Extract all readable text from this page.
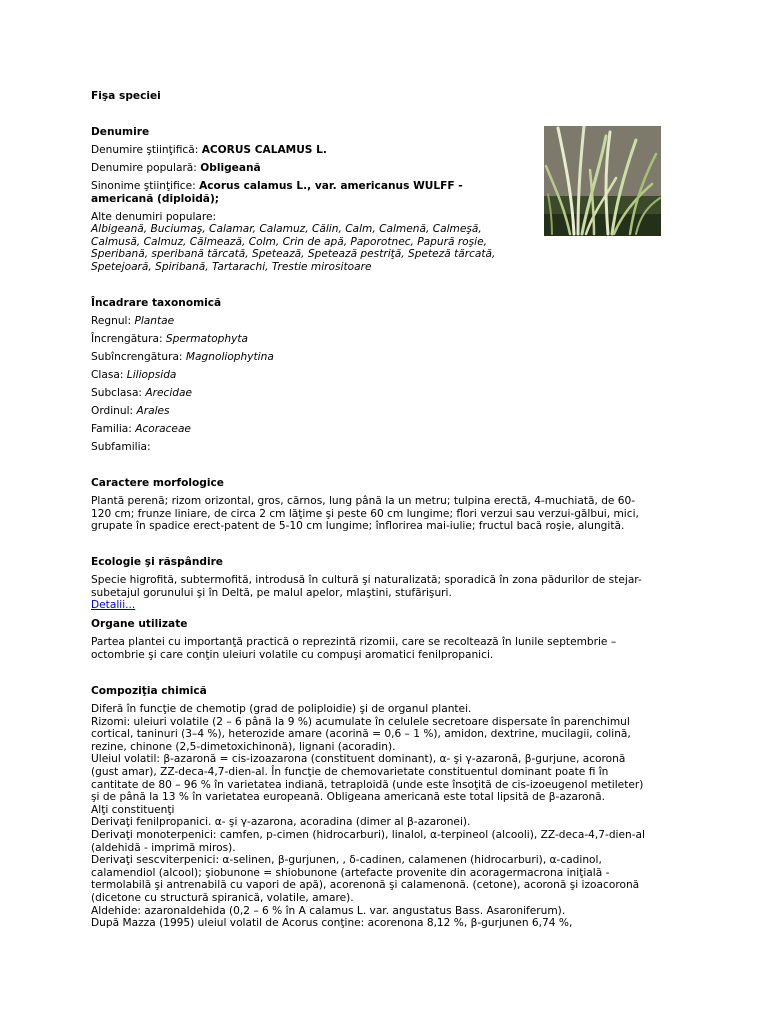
Fişa speciei
Denumire
Denumire ştiinţifică: ACORUS CALAMUS L.
Denumire populară: Obligeană
Sinonime ştiinţifice: Acorus calamus L., var. americanus WULFF -
americană (diploidă);
Alte denumiri populare:
Albigeană, Buciumaş, Calamar, Calamuz, Călin, Calm, Calmenă, Calmeşă,
Calmusă, Calmuz, Călmează, Colm, Crin de apă, Paporotnec, Papură roşie,
Speribană, speribană tărcată, Spetează, Spetează pestriţă, Speteză tărcată,
Spetejoară, Spiribană, Tartarachi, Trestie mirositoare
Încadrare taxonomică
Regnul: Plantae
Încrengătura: Spermatophyta
Subîncrengătura: Magnoliophytina
Clasa: Liliopsida
Subclasa: Arecidae
Ordinul: Arales
Familia: Acoraceae
Subfamilia:
Caractere morfologice
Plantă perenă; rizom orizontal, gros, cărnos, lung până la un metru; tulpina erectă, 4-muchiată, de 60-
120 cm; frunze liniare, de circa 2 cm lăţime şi peste 60 cm lungime; flori verzui sau verzui-gălbui, mici,
grupate în spadice erect-patent de 5-10 cm lungime; înflorirea mai-iulie; fructul bacă roşie, alungită.
Ecologie şi răspândire
Specie higrofită, subtermofită, introdusă în cultură şi naturalizată; sporadică în zona pădurilor de stejar-
subetajul gorunului şi în Deltă, pe malul apelor, mlaştini, stufărişuri.
Detalii...
Organe utilizate
Partea plantei cu importanţă practică o reprezintă rizomii, care se recoltează în lunile septembrie –
octombrie şi care conţin uleiuri volatile cu compuşi aromatici fenilpropanici.
Compoziţia chimică
Diferă în funcţie de chemotip (grad de poliploidie) şi de organul plantei.
Rizomi: uleiuri volatile (2 – 6 până la 9 %) acumulate în celulele secretoare dispersate în parenchimul
cortical, taninuri (3–4 %), heterozide amare (acorină = 0,6 – 1 %), amidon, dextrine, mucilagii, colină,
rezine, chinone (2,5-dimetoxichinonă), lignani (acoradin).
Uleiul volatil: β-azaronă = cis-izoazarona (constituent dominant), α- şi γ-azaronă, β-gurjune, acoronă
(gust amar), ZZ-deca-4,7-dien-al. În funcţie de chemovarietate constituentul dominant poate fi în
cantitate de 80 – 96 % în varietatea indiană, tetraploidă (unde este însoţită de cis-izoeugenol metileter)
şi de până la 13 % în varietatea europeană. Obligeana americană este total lipsită de β-azaronă.
Alţi constituenţi
Derivaţi fenilpropanici. α- şi γ-azarona, acoradina (dimer al β-azaronei).
Derivaţi monoterpenici: camfen, p-cimen (hidrocarburi), linalol, α-terpineol (alcooli), ZZ-deca-4,7-dien-al
(aldehidă - imprimă miros).
Derivaţi sescviterpenici: α-selinen, β-gurjunen, , δ-cadinen, calamenen (hidrocarburi), α-cadinol,
calamendiol (alcool); şiobunone = shiobunone (artefacte provenite din acoragermacrona iniţială -
termolabilă şi antrenabilă cu vapori de apă), acorenonă şi calamenonă. (cetone), acoronă şi izoacoronă
(dicetone cu structură spiranică, volatile, amare).
Aldehide: azaronaldehida (0,2 – 6 % în A calamus L. var. angustatus Bass. Asaroniferum).
După Mazza (1995) uleiul volatil de Acorus conţine: acorenona 8,12 %, β-gurjunen 6,74 %,
